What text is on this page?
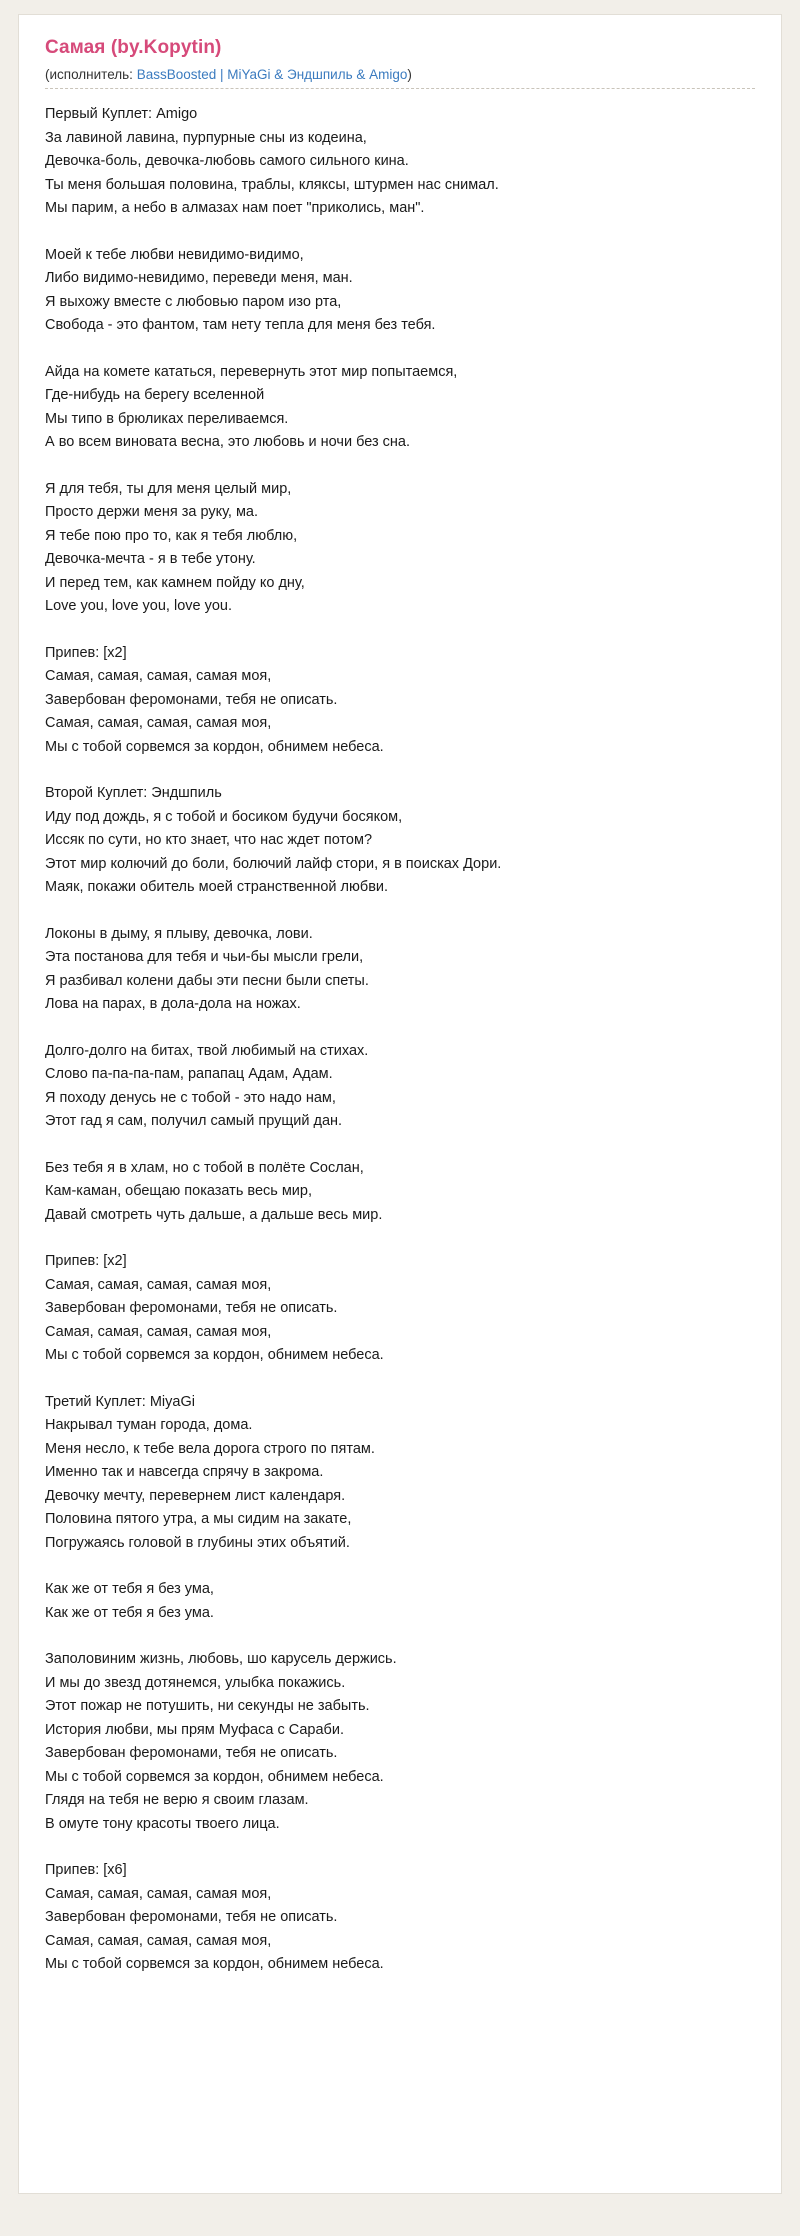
Самая (by.Kopytin)
(исполнитель: BassBoosted | MiYaGi & Эндшпиль & Amigo)
Первый Куплет: Amigo
За лавиной лавина, пурпурные сны из кодеина,
Девочка-боль, девочка-любовь самого сильного кина.
Ты меня большая половина, траблы, кляксы, штурмен нас снимал.
Мы парим, а небо в алмазах нам поет "приколись, ман".
Моей к тебе любви невидимо-видимо,
Либо видимо-невидимо, переведи меня, ман.
Я выхожу вместе с любовью паром изо рта,
Свобода - это фантом, там нету тепла для меня без тебя.
Айда на комете кататься, перевернуть этот мир попытаемся,
Где-нибудь на берегу вселенной
Мы типо в брюликах переливаемся.
А во всем виновата весна, это любовь и ночи без сна.
Я для тебя, ты для меня целый мир,
Просто держи меня за руку, ма.
Я тебе пою про то, как я тебя люблю,
Девочка-мечта - я в тебе утону.
И перед тем, как камнем пойду ко дну,
Love you, love you, love you.
Припев: [x2]
Самая, самая, самая, самая моя,
Завербован феромонами, тебя не описать.
Самая, самая, самая, самая моя,
Мы с тобой сорвемся за кордон, обнимем небеса.
Второй Куплет: Эндшпиль
Иду под дождь, я с тобой и босиком будучи босяком,
Иссяк по сути, но кто знает, что нас ждет потом?
Этот мир колючий до боли, болючий лайф стори, я в поисках Дори.
Маяк, покажи обитель моей странственной любви.
Локоны в дыму, я плыву, девочка, лови.
Эта постанова для тебя и чьи-бы мысли грели,
Я разбивал колени дабы эти песни были спеты.
Лова на парах, в дола-дола на ножах.
Долго-долго на битах, твой любимый на стихах.
Слово па-па-па-пам, рапапац Адам, Адам.
Я походу денусь не с тобой - это надо нам,
Этот гад я сам, получил самый прущий дан.
Без тебя я в хлам, но с тобой в полёте Сослан,
Кам-каман, обещаю показать весь мир,
Давай смотреть чуть дальше, а дальше весь мир.
Припев: [x2]
Самая, самая, самая, самая моя,
Завербован феромонами, тебя не описать.
Самая, самая, самая, самая моя,
Мы с тобой сорвемся за кордон, обнимем небеса.
Третий Куплет: MiyaGi
Накрывал туман города, дома.
Меня несло, к тебе вела дорога строго по пятам.
Именно так и навсегда спрячу в закрома.
Девочку мечту, перевернем лист календаря.
Половина пятого утра, а мы сидим на закате,
Погружаясь головой в глубины этих объятий.
Как же от тебя я без ума,
Как же от тебя я без ума.
Заполовиним жизнь, любовь, шо карусель держись.
И мы до звезд дотянемся, улыбка покажись.
Этот пожар не потушить, ни секунды не забыть.
История любви, мы прям Муфаса с Сараби.
Завербован феромонами, тебя не описать.
Мы с тобой сорвемся за кордон, обнимем небеса.
Глядя на тебя не верю я своим глазам.
В омуте тону красоты твоего лица.
Припев: [x6]
Самая, самая, самая, самая моя,
Завербован феромонами, тебя не описать.
Самая, самая, самая, самая моя,
Мы с тобой сорвемся за кордон, обнимем небеса.
